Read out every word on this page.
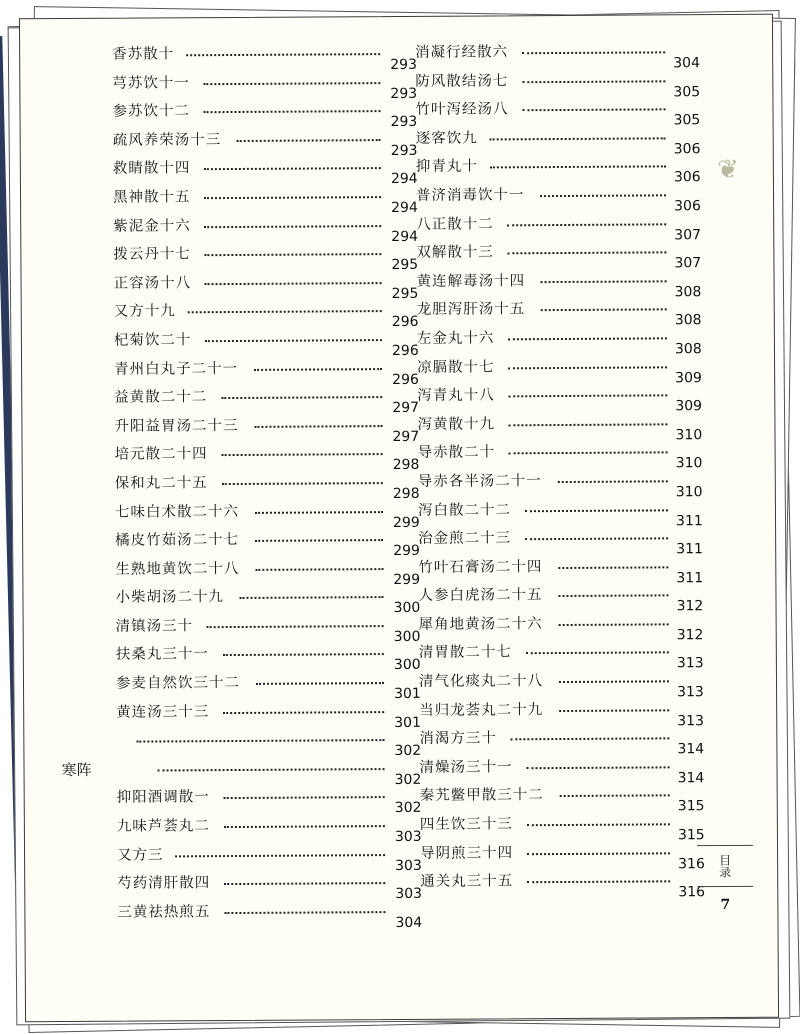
香苏散十
293
芎苏饮十一
293
参苏饮十二
293
疏风养荣汤十三
293
救睛散十四
294
黑神散十五
294
紫泥金十六
294
拨云丹十七
295
正容汤十八
295
又方十九
296
杞菊饮二十
296
青州白丸子二十一
296
益黄散二十二
297
升阳益胃汤二十三
297
培元散二十四
298
保和丸二十五
298
七味白术散二十六
299
橘皮竹茹汤二十七
299
生熟地黄饮二十八
299
小柴胡汤二十九
300
清镇汤三十
300
扶桑丸三十一
300
参麦自然饮三十二
301
黄连汤三十三
301
302
寒阵
302
抑阳酒调散一
302
九味芦荟丸二
303
又方三
303
芍药清肝散四
303
三黄祛热煎五
304
消凝行经散六
304
防风散结汤七
305
竹叶泻经汤八
305
逐客饮九
306
抑青丸十
306
普济消毒饮十一
306
八正散十二
307
双解散十三
307
黄连解毒汤十四
308
龙胆泻肝汤十五
308
左金丸十六
308
凉膈散十七
309
泻青丸十八
309
泻黄散十九
310
导赤散二十
310
导赤各半汤二十一
310
泻白散二十二
311
治金煎二十三
311
竹叶石膏汤二十四
311
人参白虎汤二十五
312
犀角地黄汤二十六
312
清胃散二十七
313
清气化痰丸二十八
313
当归龙荟丸二十九
313
消渴方三十
314
清燥汤三十一
314
秦艽鳖甲散三十二
315
四生饮三十三
315
导阴煎三十四
316
通关丸三十五
316
❦
目录
7
